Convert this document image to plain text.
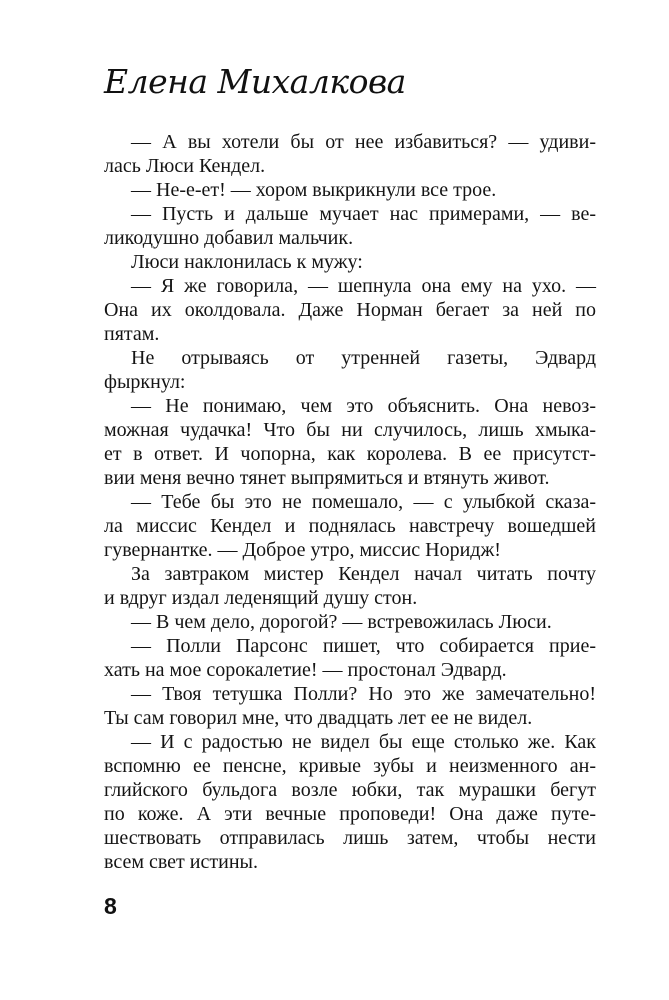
Елена Михалкова
— А вы хотели бы от нее избавиться? — удиви-
лась Люси Кендел.
— Не-е-ет! — хором выкрикнули все трое.
— Пусть и дальше мучает нас примерами, — ве-
ликодушно добавил мальчик.
Люси наклонилась к мужу:
— Я же говорила, — шепнула она ему на ухо. —
Она их околдовала. Даже Норман бегает за ней по
пятам.
Не отрываясь от утренней газеты, Эдвард
фыркнул:
— Не понимаю, чем это объяснить. Она невоз-
можная чудачка! Что бы ни случилось, лишь хмыка-
ет в ответ. И чопорна, как королева. В ее присутст-
вии меня вечно тянет выпрямиться и втянуть живот.
— Тебе бы это не помешало, — с улыбкой сказа-
ла миссис Кендел и поднялась навстречу вошедшей
гувернантке. — Доброе утро, миссис Норидж!
За завтраком мистер Кендел начал читать почту
и вдруг издал леденящий душу стон.
— В чем дело, дорогой? — встревожилась Люси.
— Полли Парсонс пишет, что собирается прие-
хать на мое сорокалетие! — простонал Эдвард.
— Твоя тетушка Полли? Но это же замечательно!
Ты сам говорил мне, что двадцать лет ее не видел.
— И с радостью не видел бы еще столько же. Как
вспомню ее пенсне, кривые зубы и неизменного ан-
глийского бульдога возле юбки, так мурашки бегут
по коже. А эти вечные проповеди! Она даже путе-
шествовать отправилась лишь затем, чтобы нести
всем свет истины.
8
